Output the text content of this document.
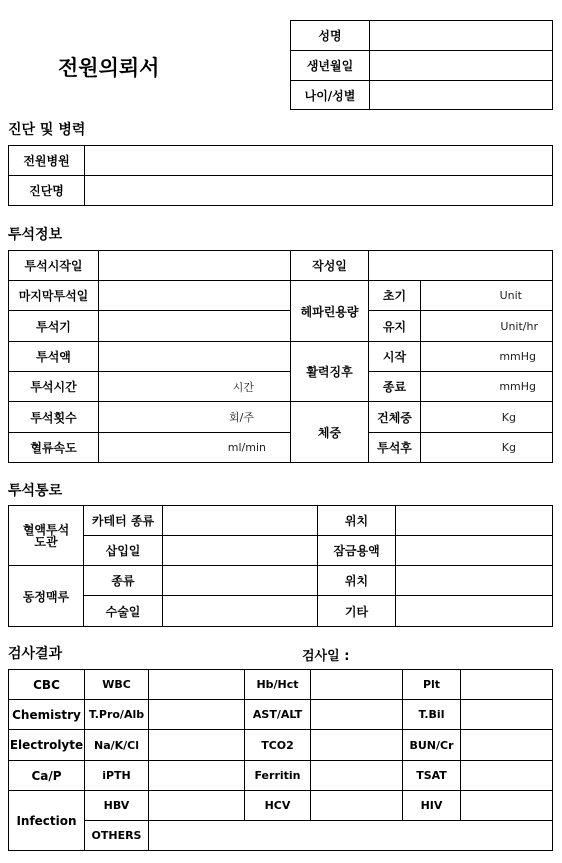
전원의뢰서
성명	
생년월일	
나이/성별	
진단 및 병력
전원병원	
진단명	
투석정보
투석시작일		작성일		
마지막투석일		헤파린용량	초기	Unit
투석기			유지	Unit/hr
투석액		활력징후	시작	mmHg
투석시간	시간		종료	mmHg
투석횟수	회/주	체중	건체중	Kg
혈류속도	ml/min		투석후	Kg
투석통로
혈액투석
도관	카테터 종류		위치	
	삽입일		잠금용액	
동정맥루	종류		위치	
	수술일		기타	
검사결과	검사일 :
CBC	WBC		Hb/Hct		Plt	
Chemistry	T.Pro/Alb		AST/ALT		T.Bil	
Electrolyte	Na/K/Cl		TCO2		BUN/Cr	
Ca/P	iPTH		Ferritin		TSAT	
Infection	HBV		HCV		HIV	
	OTHERS					
